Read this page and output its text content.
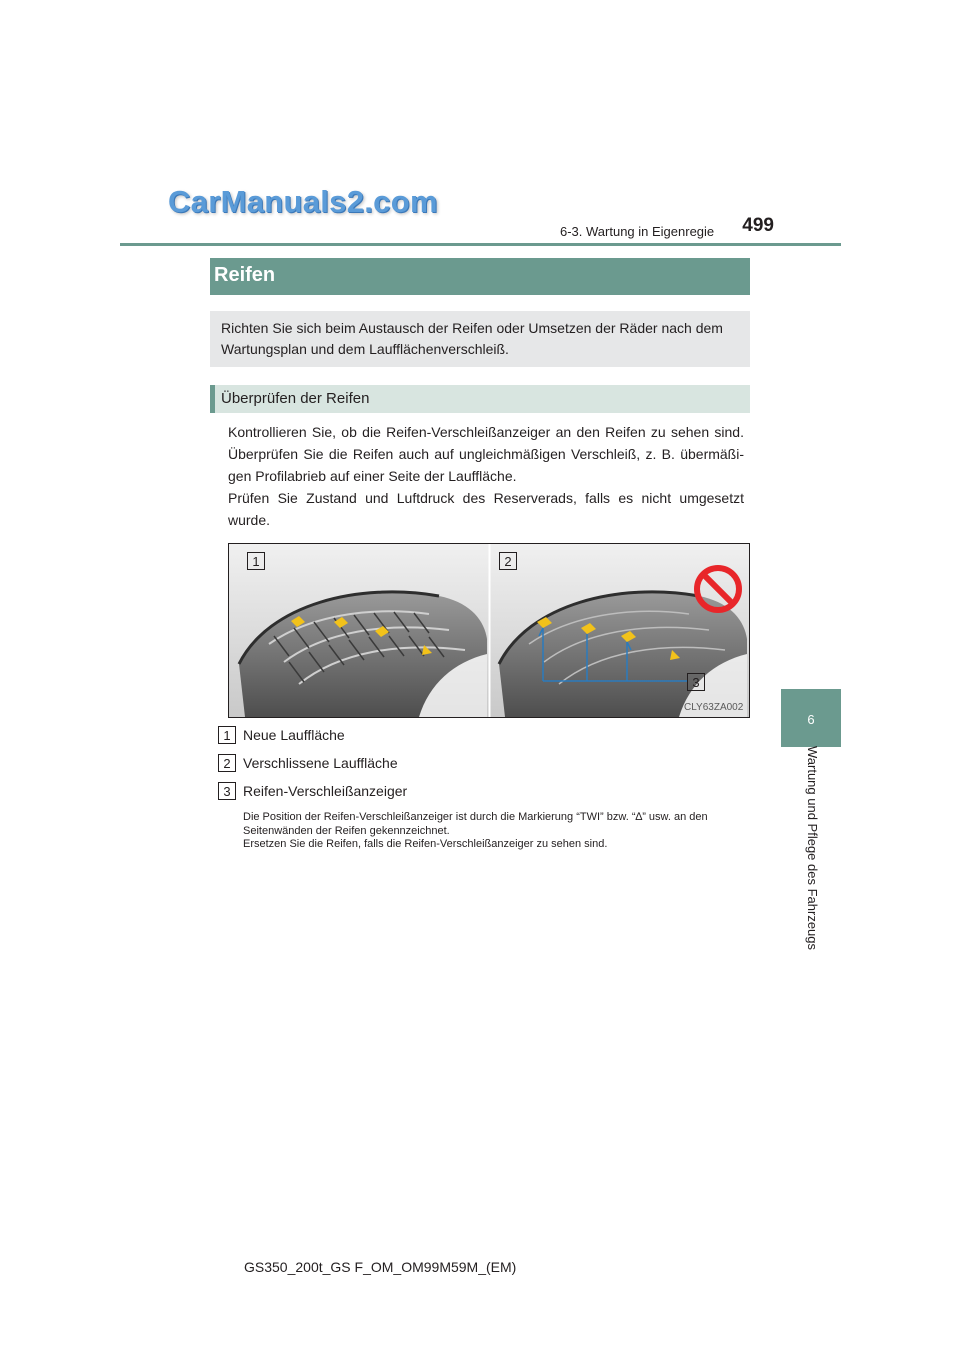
CarManuals2.com
6-3. Wartung in Eigenregie	499
6
Wartung und Pflege des Fahrzeugs
Reifen
Richten Sie sich beim Austausch der Reifen oder Umsetzen der Räder nach dem Wartungsplan und dem Laufflächenverschleiß.
Überprüfen der Reifen

Kontrollieren Sie, ob die Reifen-Verschleißanzeiger an den Reifen zu sehen sind. Überprüfen Sie die Reifen auch auf ungleichmäßigen Verschleiß, z. B. übermäßi-gen Profilabrieb auf einer Seite der Lauffläche.

Prüfen Sie Zustand und Luftdruck des Reserverads, falls es nicht umgesetzt wurde.

1	2
3
CLY63ZA002
1 Neue Lauffläche
2 Verschlissene Lauffläche
3 Reifen-Verschleißanzeiger

Die Position der Reifen-Verschleißanzeiger ist durch die Markierung “TWI” bzw. “∆” usw. an den Seitenwänden der Reifen gekennzeichnet.

Ersetzen Sie die Reifen, falls die Reifen-Verschleißanzeiger zu sehen sind.

GS350_200t_GS F_OM_OM99M59M_(EM)
